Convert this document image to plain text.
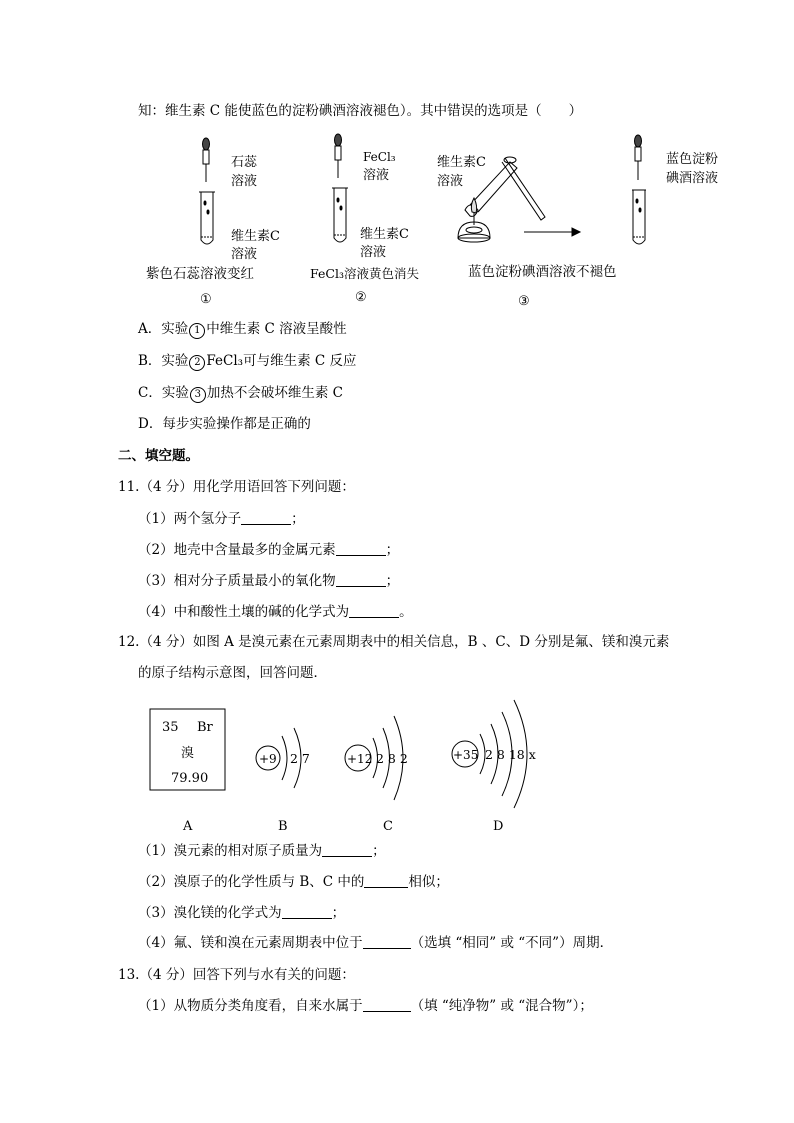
知：维生素 C 能使蓝色的淀粉碘酒溶液褪色）。其中错误的选项是（　　）
石蕊
溶液
维生素C
溶液
紫色石蕊溶液变红
①
FeCl₃
溶液
维生素C
溶液
FeCl₃溶液黄色消失
②
维生素C
溶液
蓝色淀粉
碘酒溶液
蓝色淀粉碘酒溶液不褪色
③
A．实验 1 中维生素 C 溶液呈酸性
B．实验 2 FeCl₃可与维生素 C 反应
C．实验 3 加热不会破坏维生素 C
D．每步实验操作都是正确的
二、填空题。
11.（4 分）用化学用语回答下列问题：
（1）两个氢分子	；
（2）地壳中含量最多的金属元素	；
（3）相对分子质量最小的氧化物	；
（4）中和酸性土壤的碱的化学式为	。
12.（4 分）如图 A 是溴元素在元素周期表中的相关信息，B 、C、D 分别是氟、镁和溴元素
的原子结构示意图，回答问题．
35 Br
溴
79.90
+9 2 7	+12 2 8 2	+35 2 8 18 x
A	B	C	D
（1）溴元素的相对原子质量为	；
（2）溴原子的化学性质与 B、C 中的	相似；
（3）溴化镁的化学式为	；
（4）氟、镁和溴在元素周期表中位于	（选填 “相同” 或 “不同”）周期．
13.（4 分）回答下列与水有关的问题：
（1）从物质分类角度看，自来水属于	（填 “纯净物” 或 “混合物”）；
